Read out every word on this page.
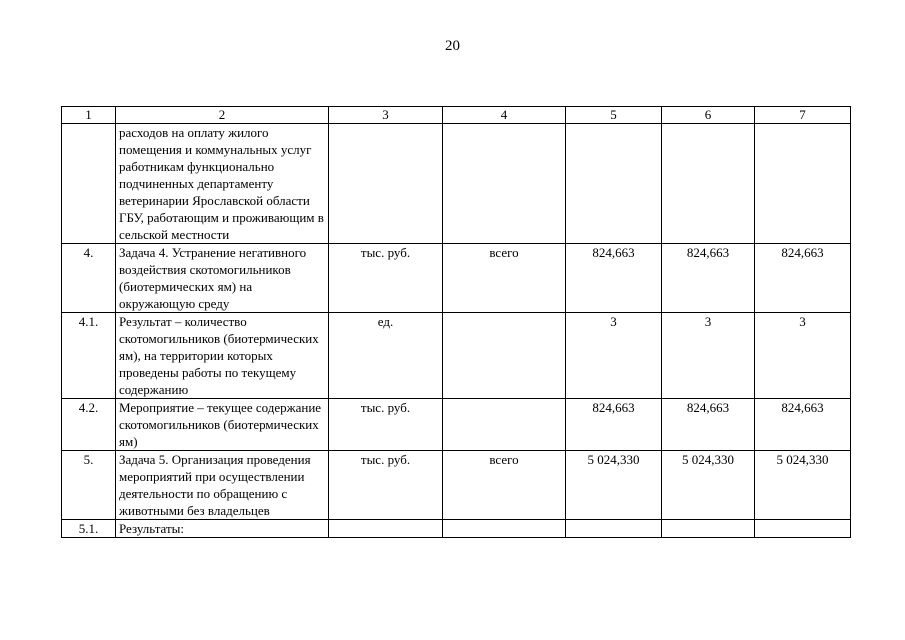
20
1	2	3	4	5	6	7
	расходов на оплату жилого помещения и коммунальных услуг работникам функционально подчиненных департаменту ветеринарии Ярославской области ГБУ, работающим и проживающим в сельской местности					
4.	Задача 4. Устранение негативного воздействия скотомогильников (биотермических ям) на окружающую среду	тыс. руб.	всего	824,663	824,663	824,663
4.1.	Результат – количество скотомогильников (биотермических ям), на территории которых проведены работы по текущему содержанию	ед.		3	3	3
4.2.	Мероприятие – текущее содержание скотомогильников (биотермических ям)	тыс. руб.		824,663	824,663	824,663
5.	Задача 5. Организация проведения мероприятий при осуществлении деятельности по обращению с животными без владельцев	тыс. руб.	всего	5 024,330	5 024,330	5 024,330
5.1.	Результаты:					
